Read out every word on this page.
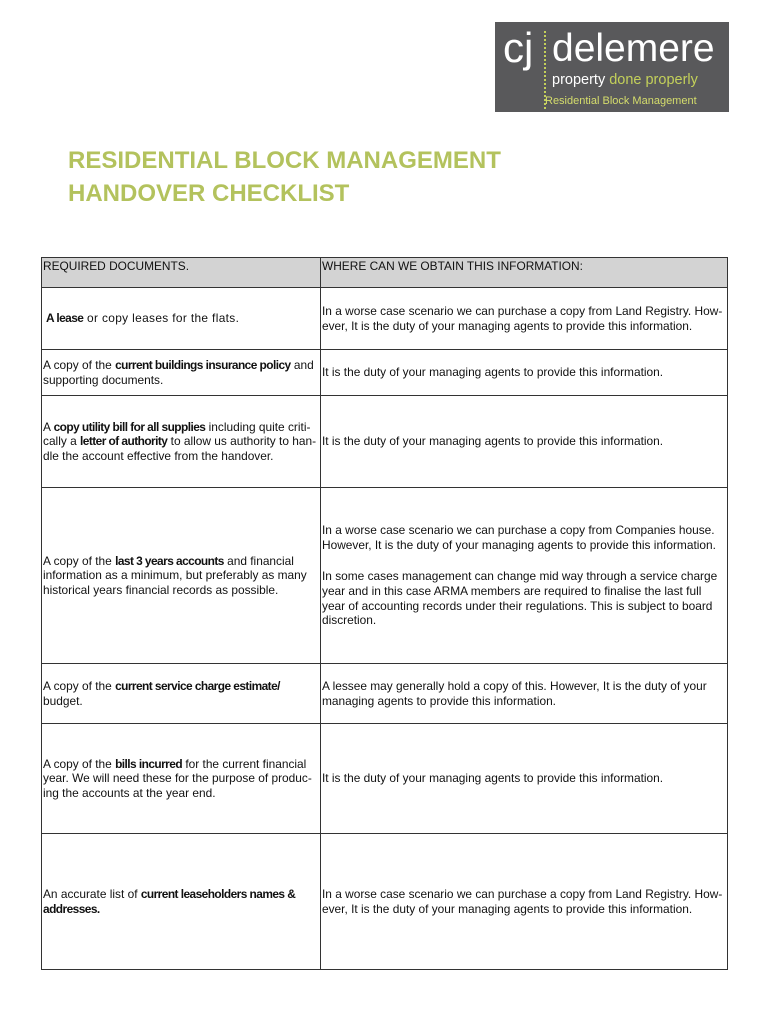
cj delemere
property done properly
Residential Block Management
RESIDENTIAL BLOCK MANAGEMENT
HANDOVER CHECKLIST
REQUIRED DOCUMENTS.	WHERE CAN WE OBTAIN THIS INFORMATION:
A lease or copy leases for the flats.
In a worse case scenario we can purchase a copy from Land Registry. How-
ever, It is the duty of your managing agents to provide this information.
A copy of the current buildings insurance policy and
supporting documents.
It is the duty of your managing agents to provide this information.
A copy utility bill for all supplies including quite criti-
cally a letter of authority to allow us authority to han-
dle the account effective from the handover.
It is the duty of your managing agents to provide this information.
A copy of the last 3 years accounts and financial
information as a minimum, but preferably as many
historical years financial records as possible.
In a worse case scenario we can purchase a copy from Companies house.
However, It is the duty of your managing agents to provide this information.
In some cases management can change mid way through a service charge
year and in this case ARMA members are required to finalise the last full
year of accounting records under their regulations. This is subject to board
discretion.
A copy of the current service charge estimate/
budget.
A lessee may generally hold a copy of this. However, It is the duty of your
managing agents to provide this information.
A copy of the bills incurred for the current financial
year. We will need these for the purpose of produc-
ing the accounts at the year end.
It is the duty of your managing agents to provide this information.
An accurate list of current leaseholders names &
addresses.
In a worse case scenario we can purchase a copy from Land Registry. How-
ever, It is the duty of your managing agents to provide this information.
